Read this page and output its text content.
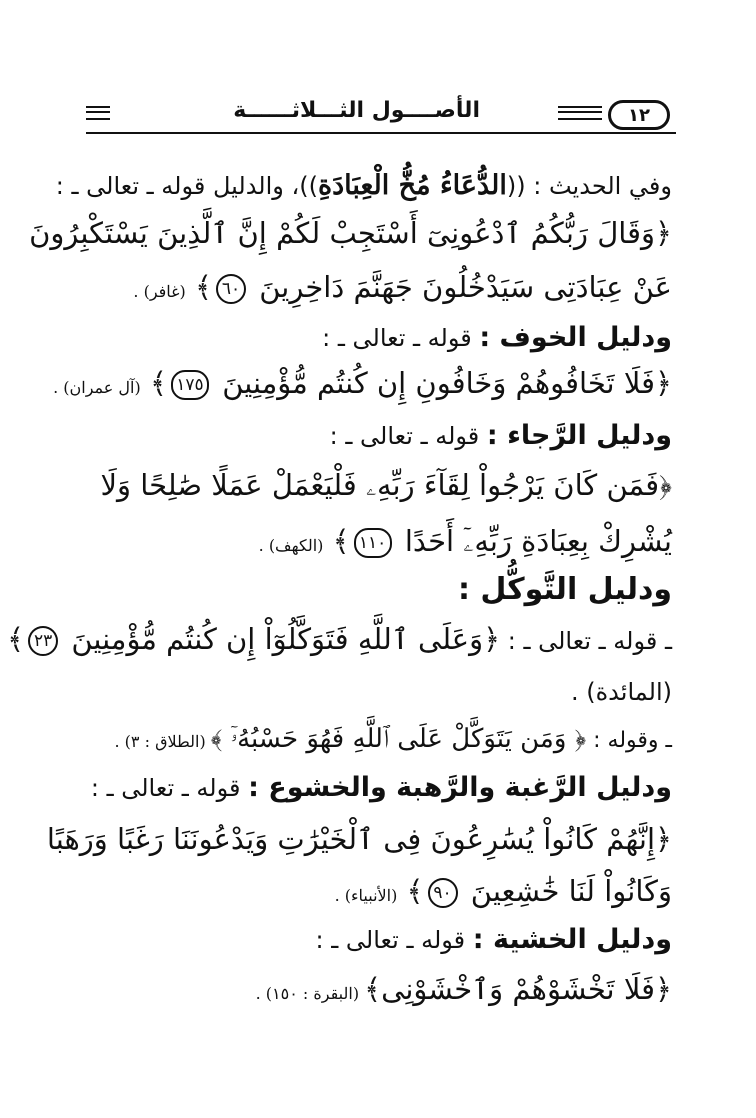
١٢
الأصــــول الثـــلاثــــــة
وفي الحديث : ((الدُّعَاءُ مُخُّ الْعِبَادَةِ))، والدليل قوله ـ تعالى ـ :
﴿وَقَالَ رَبُّكُمُ ٱدْعُونِىٓ أَسْتَجِبْ لَكُمْ إِنَّ ٱلَّذِينَ يَسْتَكْبِرُونَ
عَنْ عِبَادَتِى سَيَدْخُلُونَ جَهَنَّمَ دَاخِرِينَ ٦٠﴾ (غافر) .
ودليل الخوف : قوله ـ تعالى ـ :
﴿فَلَا تَخَافُوهُمْ وَخَافُونِ إِن كُنتُم مُّؤْمِنِينَ ١٧٥﴾ (آل عمران) .
ودليل الرَّجاء : قوله ـ تعالى ـ :
﴿فَمَن كَانَ يَرْجُواْ لِقَآءَ رَبِّهِۦ فَلْيَعْمَلْ عَمَلًا صَٰلِحًا وَلَا
يُشْرِكْ بِعِبَادَةِ رَبِّهِۦٓ أَحَدًا ١١٠﴾ (الكهف) .
ودليل التَّوكُّل :
ـ قوله ـ تعالى ـ : ﴿وَعَلَى ٱللَّهِ فَتَوَكَّلُوٓاْ إِن كُنتُم مُّؤْمِنِينَ ٢٣﴾
(المائدة) .
ـ وقوله : ﴿ وَمَن يَتَوَكَّلْ عَلَى ٱللَّهِ فَهُوَ حَسْبُهُۥٓ ﴾ (الطلاق : ٣) .
ودليل الرَّغبة والرَّهبة والخشوع : قوله ـ تعالى ـ :
﴿إِنَّهُمْ كَانُواْ يُسَٰرِعُونَ فِى ٱلْخَيْرَٰتِ وَيَدْعُونَنَا رَغَبًا وَرَهَبًا
وَكَانُواْ لَنَا خَٰشِعِينَ ٩٠﴾ (الأنبياء) .
ودليل الخشية : قوله ـ تعالى ـ :
﴿فَلَا تَخْشَوْهُمْ وَٱخْشَوْنِى﴾ (البقرة : ١٥٠) .
